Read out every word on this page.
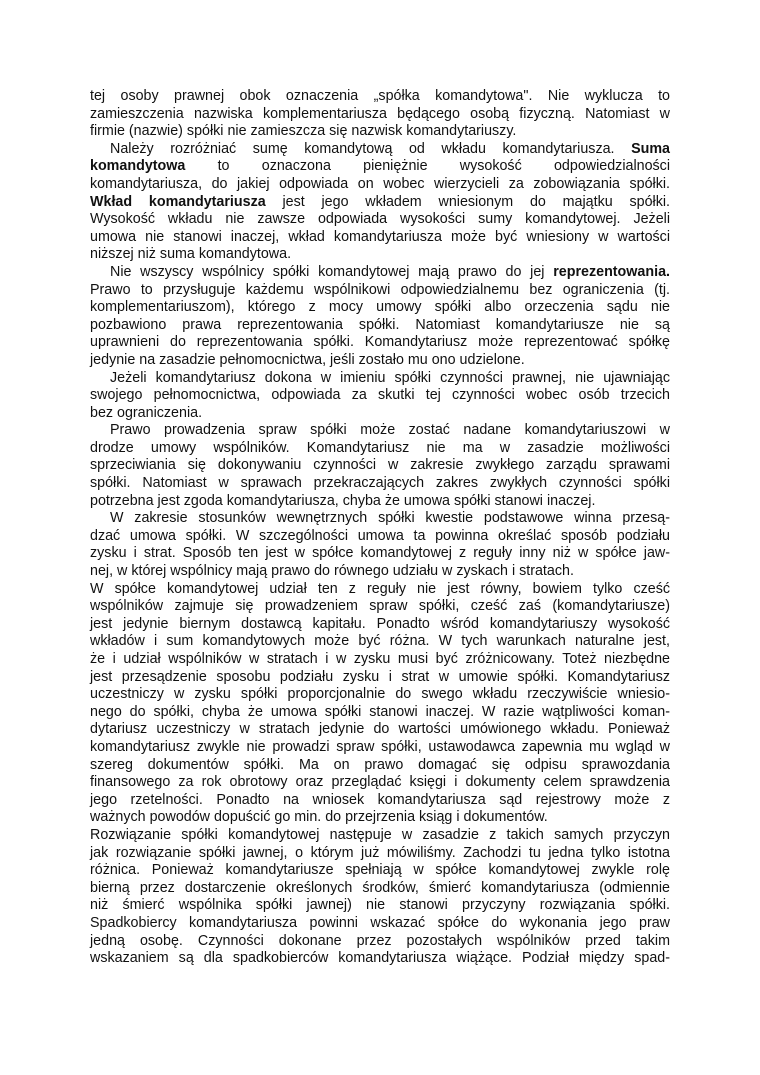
tej osoby prawnej obok oznaczenia „spółka komandytowa". Nie wyklucza to
zamieszczenia nazwiska komplementariusza będącego osobą fizyczną. Natomiast w
firmie (nazwie) spółki nie zamieszcza się nazwisk komandytariuszy.
Należy rozróżniać sumę komandytową od wkładu komandytariusza. Suma
komandytowa to oznaczona pieniężnie wysokość odpowiedzialności
komandytariusza, do jakiej odpowiada on wobec wierzycieli za zobowiązania spółki.
Wkład komandytariusza jest jego wkładem wniesionym do majątku spółki.
Wysokość wkładu nie zawsze odpowiada wysokości sumy komandytowej. Jeżeli
umowa nie stanowi inaczej, wkład komandytariusza może być wniesiony w wartości
niższej niż suma komandytowa.
Nie wszyscy wspólnicy spółki komandytowej mają prawo do jej reprezentowania.
Prawo to przysługuje każdemu wspólnikowi odpowiedzialnemu bez ograniczenia (tj.
komplementariuszom), którego z mocy umowy spółki albo orzeczenia sądu nie
pozbawiono prawa reprezentowania spółki. Natomiast komandytariusze nie są
uprawnieni do reprezentowania spółki. Komandytariusz może reprezentować spółkę
jedynie na zasadzie pełnomocnictwa, jeśli zostało mu ono udzielone.
Jeżeli komandytariusz dokona w imieniu spółki czynności prawnej, nie ujawniając
swojego pełnomocnictwa, odpowiada za skutki tej czynności wobec osób trzecich
bez ograniczenia.
Prawo prowadzenia spraw spółki może zostać nadane komandytariuszowi w
drodze umowy wspólników. Komandytariusz nie ma w zasadzie możliwości
sprzeciwiania się dokonywaniu czynności w zakresie zwykłego zarządu sprawami
spółki. Natomiast w sprawach przekraczających zakres zwykłych czynności spółki
potrzebna jest zgoda komandytariusza, chyba że umowa spółki stanowi inaczej.
W zakresie stosunków wewnętrznych spółki kwestie podstawowe winna przesą-
dzać umowa spółki. W szczególności umowa ta powinna określać sposób podziału
zysku i strat. Sposób ten jest w spółce komandytowej z reguły inny niż w spółce jaw-
nej, w której wspólnicy mają prawo do równego udziału w zyskach i stratach.
W spółce komandytowej udział ten z reguły nie jest równy, bowiem tylko cześć
wspólników zajmuje się prowadzeniem spraw spółki, cześć zaś (komandytariusze)
jest jedynie biernym dostawcą kapitału. Ponadto wśród komandytariuszy wysokość
wkładów i sum komandytowych może być różna. W tych warunkach naturalne jest,
że i udział wspólników w stratach i w zysku musi być zróżnicowany. Toteż niezbędne
jest przesądzenie sposobu podziału zysku i strat w umowie spółki. Komandytariusz
uczestniczy w zysku spółki proporcjonalnie do swego wkładu rzeczywiście wniesio-
nego do spółki, chyba że umowa spółki stanowi inaczej. W razie wątpliwości koman-
dytariusz uczestniczy w stratach jedynie do wartości umówionego wkładu. Ponieważ
komandytariusz zwykle nie prowadzi spraw spółki, ustawodawca zapewnia mu wgląd w
szereg dokumentów spółki. Ma on prawo domagać się odpisu sprawozdania
finansowego za rok obrotowy oraz przeglądać księgi i dokumenty celem sprawdzenia
jego rzetelności. Ponadto na wniosek komandytariusza sąd rejestrowy może z
ważnych powodów dopuścić go min. do przejrzenia ksiąg i dokumentów.
Rozwiązanie spółki komandytowej następuje w zasadzie z takich samych przyczyn
jak rozwiązanie spółki jawnej, o którym już mówiliśmy. Zachodzi tu jedna tylko istotna
różnica. Ponieważ komandytariusze spełniają w spółce komandytowej zwykle rolę
bierną przez dostarczenie określonych środków, śmierć komandytariusza (odmiennie
niż śmierć wspólnika spółki jawnej) nie stanowi przyczyny rozwiązania spółki.
Spadkobiercy komandytariusza powinni wskazać spółce do wykonania jego praw
jedną osobę. Czynności dokonane przez pozostałych wspólników przed takim
wskazaniem są dla spadkobierców komandytariusza wiążące. Podział między spad-
